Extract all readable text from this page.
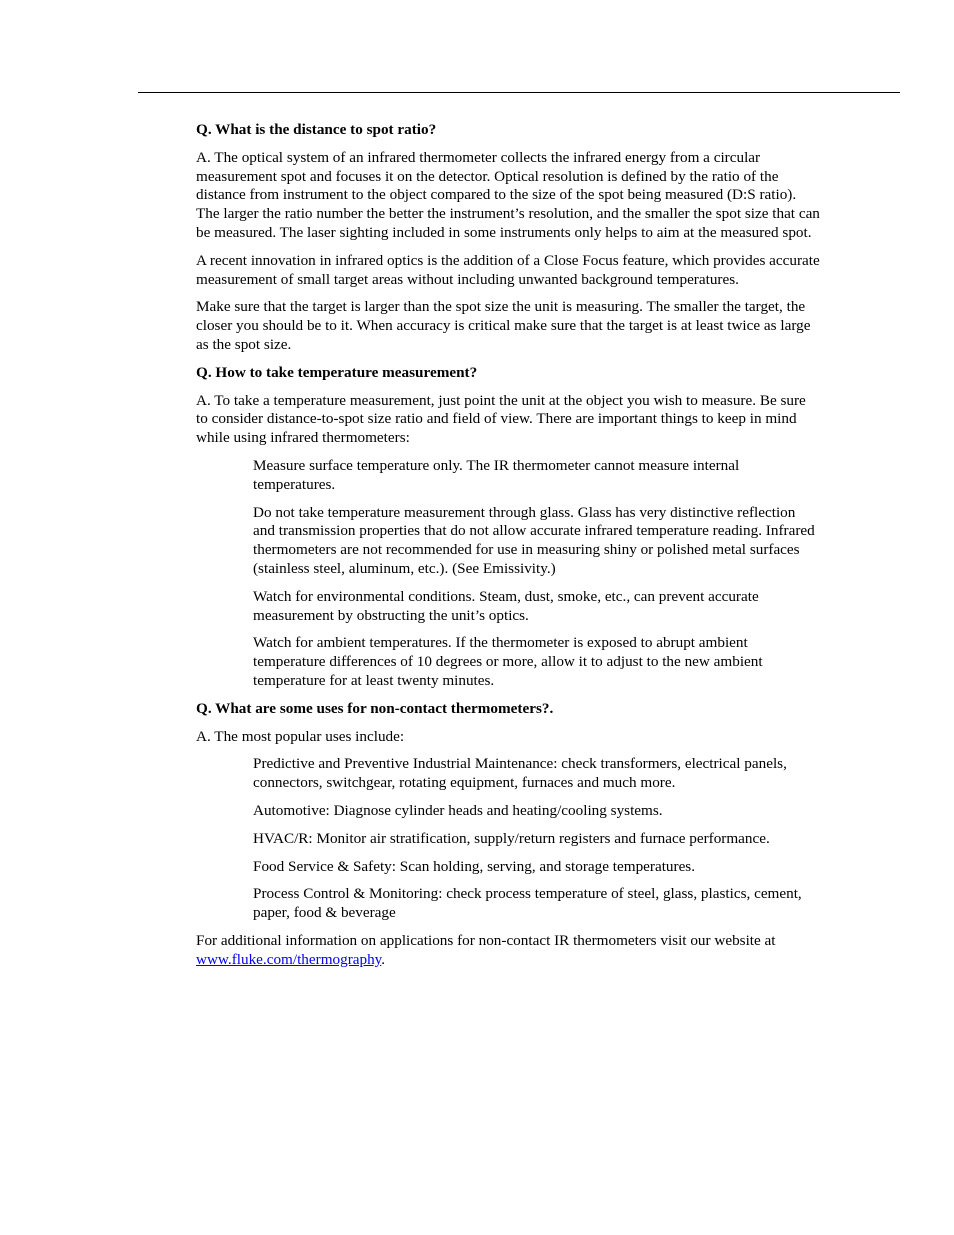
Q. What is the distance to spot ratio?

A. The optical system of an infrared thermometer collects the infrared energy from a circular measurement spot and focuses it on the detector. Optical resolution is defined by the ratio of the distance from instrument to the object compared to the size of the spot being measured (D:S ratio). The larger the ratio number the better the instrument’s resolution, and the smaller the spot size that can be measured. The laser sighting included in some instruments only helps to aim at the measured spot.

A recent innovation in infrared optics is the addition of a Close Focus feature, which provides accurate measurement of small target areas without including unwanted background temperatures.

Make sure that the target is larger than the spot size the unit is measuring. The smaller the target, the closer you should be to it. When accuracy is critical make sure that the target is at least twice as large as the spot size.

Q. How to take temperature measurement?

A. To take a temperature measurement, just point the unit at the object you wish to measure. Be sure to consider distance-to-spot size ratio and field of view. There are important things to keep in mind while using infrared thermometers:

Measure surface temperature only. The IR thermometer cannot measure internal temperatures.

Do not take temperature measurement through glass. Glass has very distinctive reflection and transmission properties that do not allow accurate infrared temperature reading. Infrared thermometers are not recommended for use in measuring shiny or polished metal surfaces (stainless steel, aluminum, etc.). (See Emissivity.)

Watch for environmental conditions. Steam, dust, smoke, etc., can prevent accurate measurement by obstructing the unit’s optics.

Watch for ambient temperatures. If the thermometer is exposed to abrupt ambient temperature differences of 10 degrees or more, allow it to adjust to the new ambient temperature for at least twenty minutes.

Q. What are some uses for non-contact thermometers?.

A. The most popular uses include:

Predictive and Preventive Industrial Maintenance: check transformers, electrical panels, connectors, switchgear, rotating equipment, furnaces and much more.

Automotive: Diagnose cylinder heads and heating/cooling systems.

HVAC/R: Monitor air stratification, supply/return registers and furnace performance.

Food Service & Safety: Scan holding, serving, and storage temperatures.

Process Control & Monitoring: check process temperature of steel, glass, plastics, cement, paper, food & beverage

For additional information on applications for non-contact IR thermometers visit our website at www.fluke.com/thermography.
